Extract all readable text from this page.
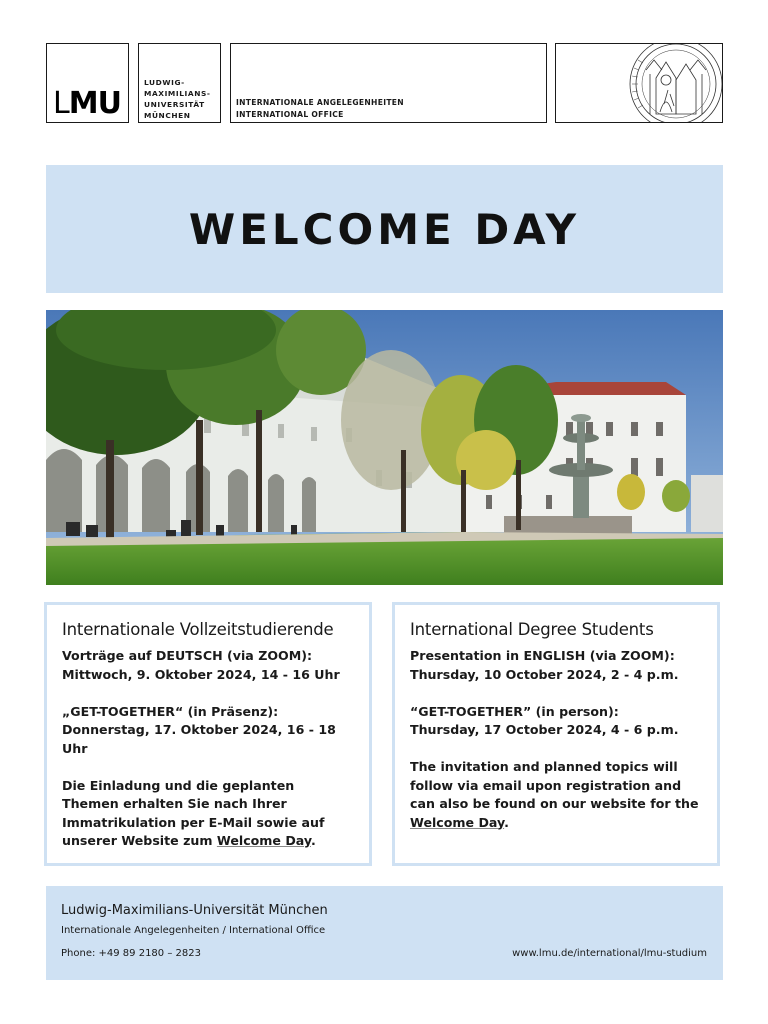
LMU
LUDWIG-
MAXIMILIANS-
UNIVERSITÄT
MÜNCHEN
INTERNATIONALE ANGELEGENHEITEN
INTERNATIONAL OFFICE
WELCOME DAY
Internationale Vollzeitstudierende

Vorträge auf DEUTSCH (via ZOOM):
Mittwoch, 9. Oktober 2024, 14 - 16 Uhr

„GET-TOGETHER“ (in Präsenz):
Donnerstag, 17. Oktober 2024, 16 - 18 Uhr

Die Einladung und die geplanten Themen erhalten Sie nach Ihrer Immatrikulation per E-Mail sowie auf unserer Website zum Welcome Day.

International Degree Students

Presentation in ENGLISH (via ZOOM):
Thursday, 10 October 2024, 2 - 4 p.m.

“GET-TOGETHER” (in person):
Thursday, 17 October 2024, 4 - 6 p.m.

The invitation and planned topics will follow via email upon registration and can also be found on our website for the Welcome Day.

Ludwig-Maximilians-Universität München
Internationale Angelegenheiten / International Office
Phone: +49 89 2180 – 2823	www.lmu.de/international/lmu-studium
